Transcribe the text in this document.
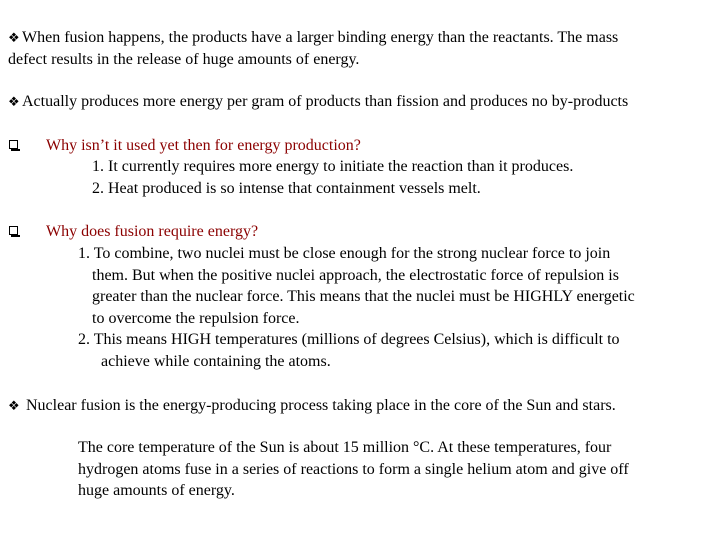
❖ When fusion happens, the products have a larger binding energy than the reactants. The mass
defect results in the release of huge amounts of energy.
❖ Actually produces more energy per gram of products than fission and produces no by-products
Why isn’t it used yet then for energy production?
1. It currently requires more energy to initiate the reaction than it produces.
2. Heat produced is so intense that containment vessels melt.
Why does fusion require energy?
1. To combine, two nuclei must be close enough for the strong nuclear force to join
them. But when the positive nuclei approach, the electrostatic force of repulsion is
greater than the nuclear force. This means that the nuclei must be HIGHLY energetic
to overcome the repulsion force.
2. This means HIGH temperatures (millions of degrees Celsius), which is difficult to
achieve while containing the atoms.
❖ Nuclear fusion is the energy-producing process taking place in the core of the Sun and stars.
The core temperature of the Sun is about 15 million °C. At these temperatures, four
hydrogen atoms fuse in a series of reactions to form a single helium atom and give off
huge amounts of energy.
